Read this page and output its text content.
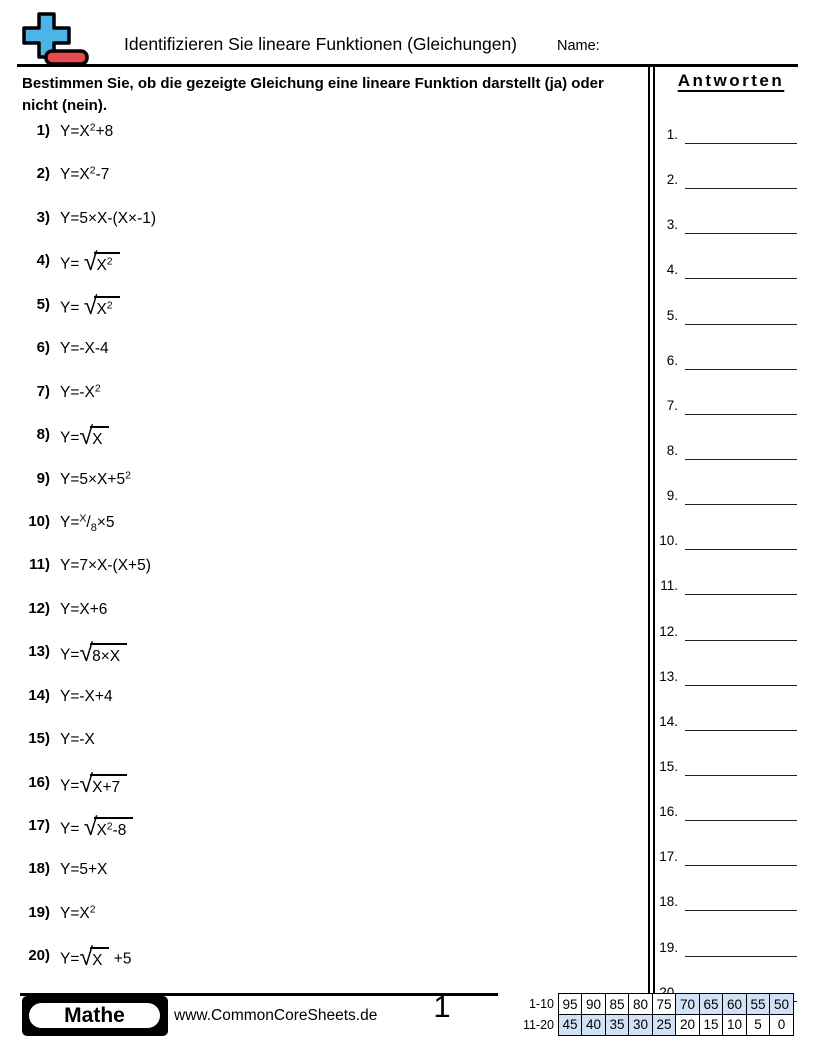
Identifizieren Sie lineare Funktionen (Gleichungen)	Name:
Bestimmen Sie, ob die gezeigte Gleichung eine lineare Funktion darstellt (ja) oder
nicht (nein).
1) $Y=X^2+8$
2) $Y=X^2-7$
3) Y=5×X-(X×-1)
4) Y= √ $X^2$
5) Y= √ $X^2$
6) Y=-X-4
7) $Y=-X^2$
8) Y= √ X
9) $Y=5\times X+5^2$
10) $Y=^X/_8\times 5$
11) Y=7×X-(X+5)
12) Y=X+6
13) Y= √ 8×X
14) Y=-X+4
15) Y=-X
16) Y= √ X+7
17) Y= √ $X^2-8$
18) Y=5+X
19) $Y=X^2$
20) Y= √ X +5
Antworten
1.
2.
3.
4.
5.
6.
7.
8.
9.
10.
11.
12.
13.
14.
15.
16.
17.
18.
19.
Mathe	www.CommonCoreSheets.de	1	1-10 95 90 85 80 75 70 65 60 55 50
11-20 45 40 35 30 25 20 15 10 5	0
